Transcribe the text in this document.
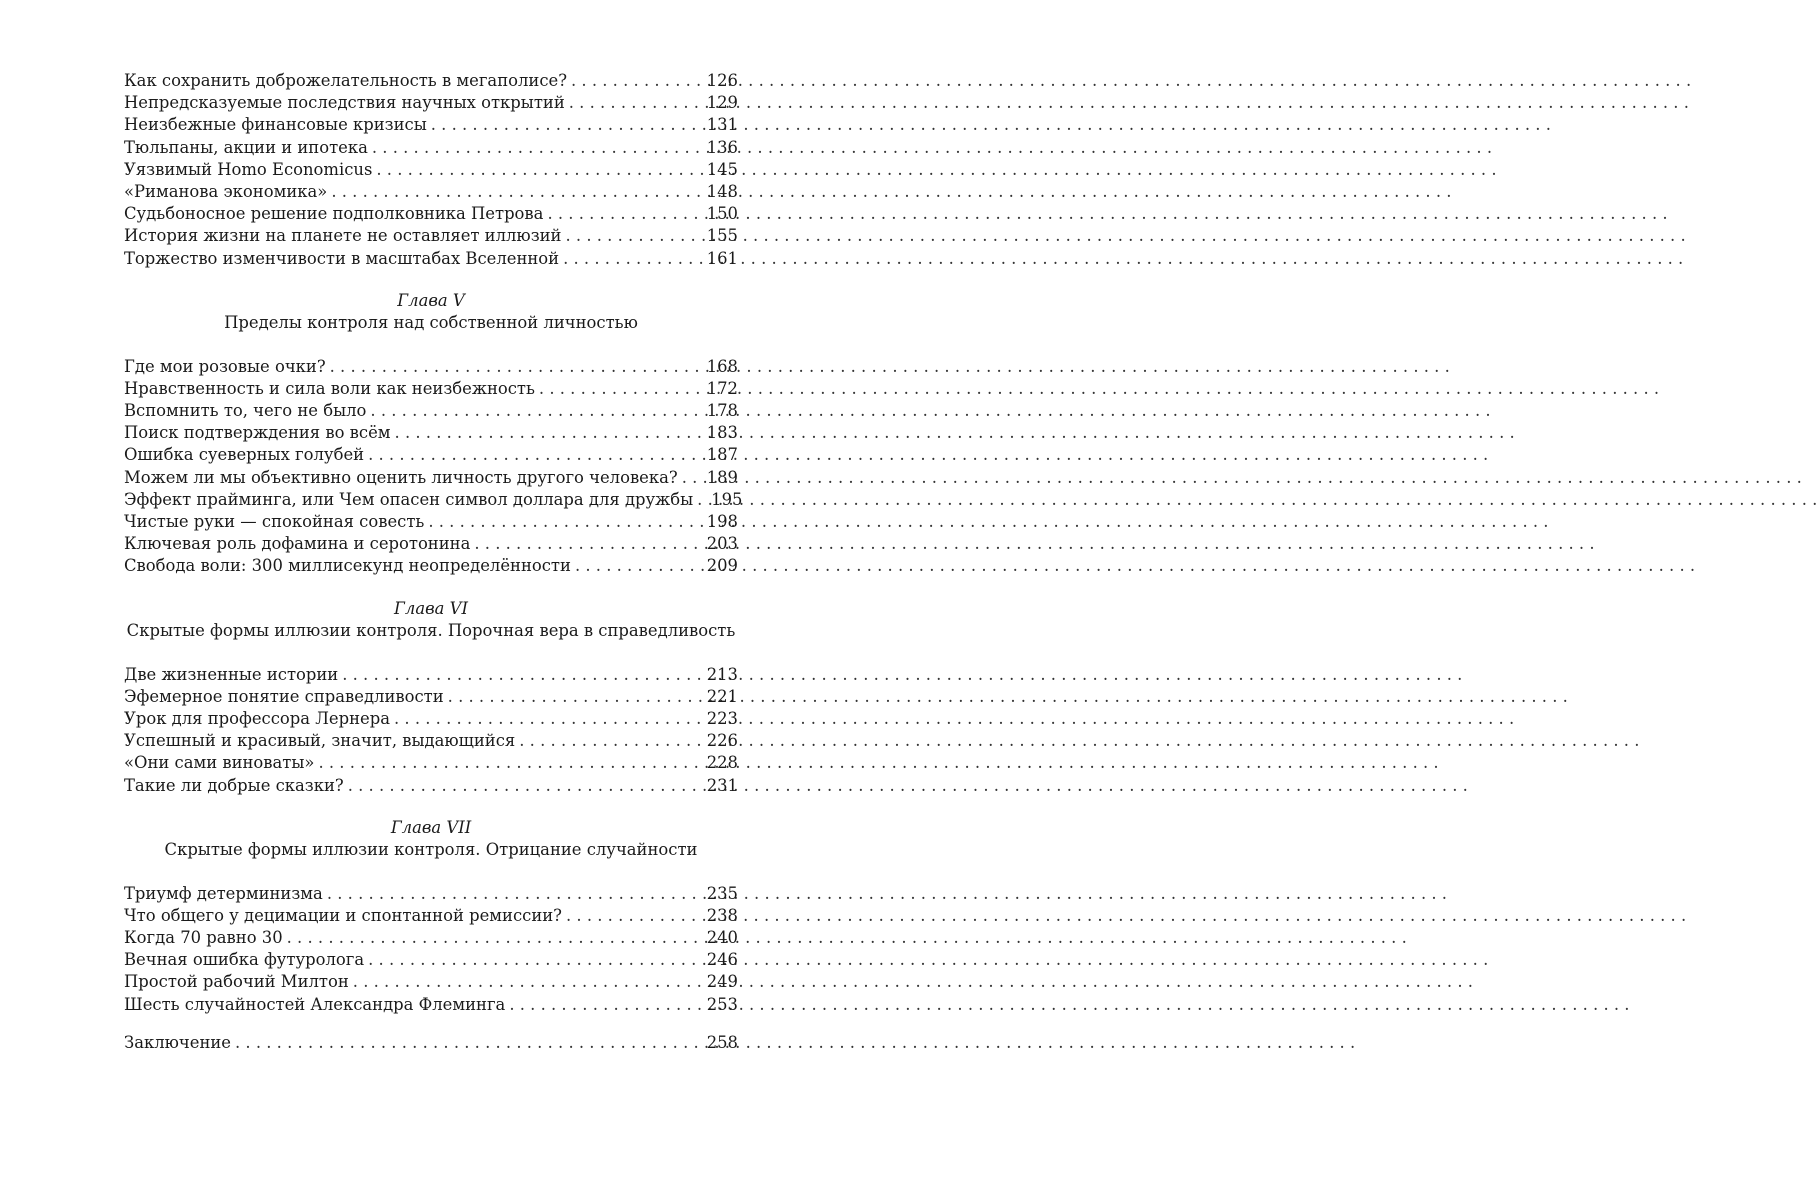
Как сохранить доброжелательность в мегаполисе? . . .	126
Непредсказуемые последствия научных открытий . . .	129
Неизбежные финансовые кризисы . . .	131
Тюльпаны, акции и ипотека . . .	136
Уязвимый Homo Economicus . . .	145
«Риманова экономика» . . .	148
Судьбоносное решение подполковника Петрова . . .	150
История жизни на планете не оставляет иллюзий . . .	155
Торжество изменчивости в масштабах Вселенной . . .	161
Глава V
Пределы контроля над собственной личностью
Где мои розовые очки? . . .	168
Нравственность и сила воли как неизбежность . . .	172
Вспомнить то, чего не было . . .	178
Поиск подтверждения во всём . . .	183
Ошибка суеверных голубей . . .	187
Можем ли мы объективно оценить личность другого человека? . . . 189
Эффект прайминга, или Чем опасен символ доллара для дружбы . . . 195
Чистые руки — спокойная совесть . . .	198
Ключевая роль дофамина и серотонина . . .	203
Свобода воли: 300 миллисекунд неопределённости . . .	209
Глава VI
Скрытые формы иллюзии контроля. Порочная вера в справедливость
Две жизненные истории . . .	213
Эфемерное понятие справедливости . . .	221
Урок для профессора Лернера . . .	223
Успешный и красивый, значит, выдающийся . . .	226
«Они сами виноваты» . . .	228
Такие ли добрые сказки? . . .	231
Глава VII
Скрытые формы иллюзии контроля. Отрицание случайности
Триумф детерминизма . . .	235
Что общего у децимации и спонтанной ремиссии? . . .	238
Когда 70 равно 30 . . .	240
Вечная ошибка футуролога . . .	246
Простой рабочий Милтон . . .	249
Шесть случайностей Александра Флеминга . . .	253
Заключение . . .	258
